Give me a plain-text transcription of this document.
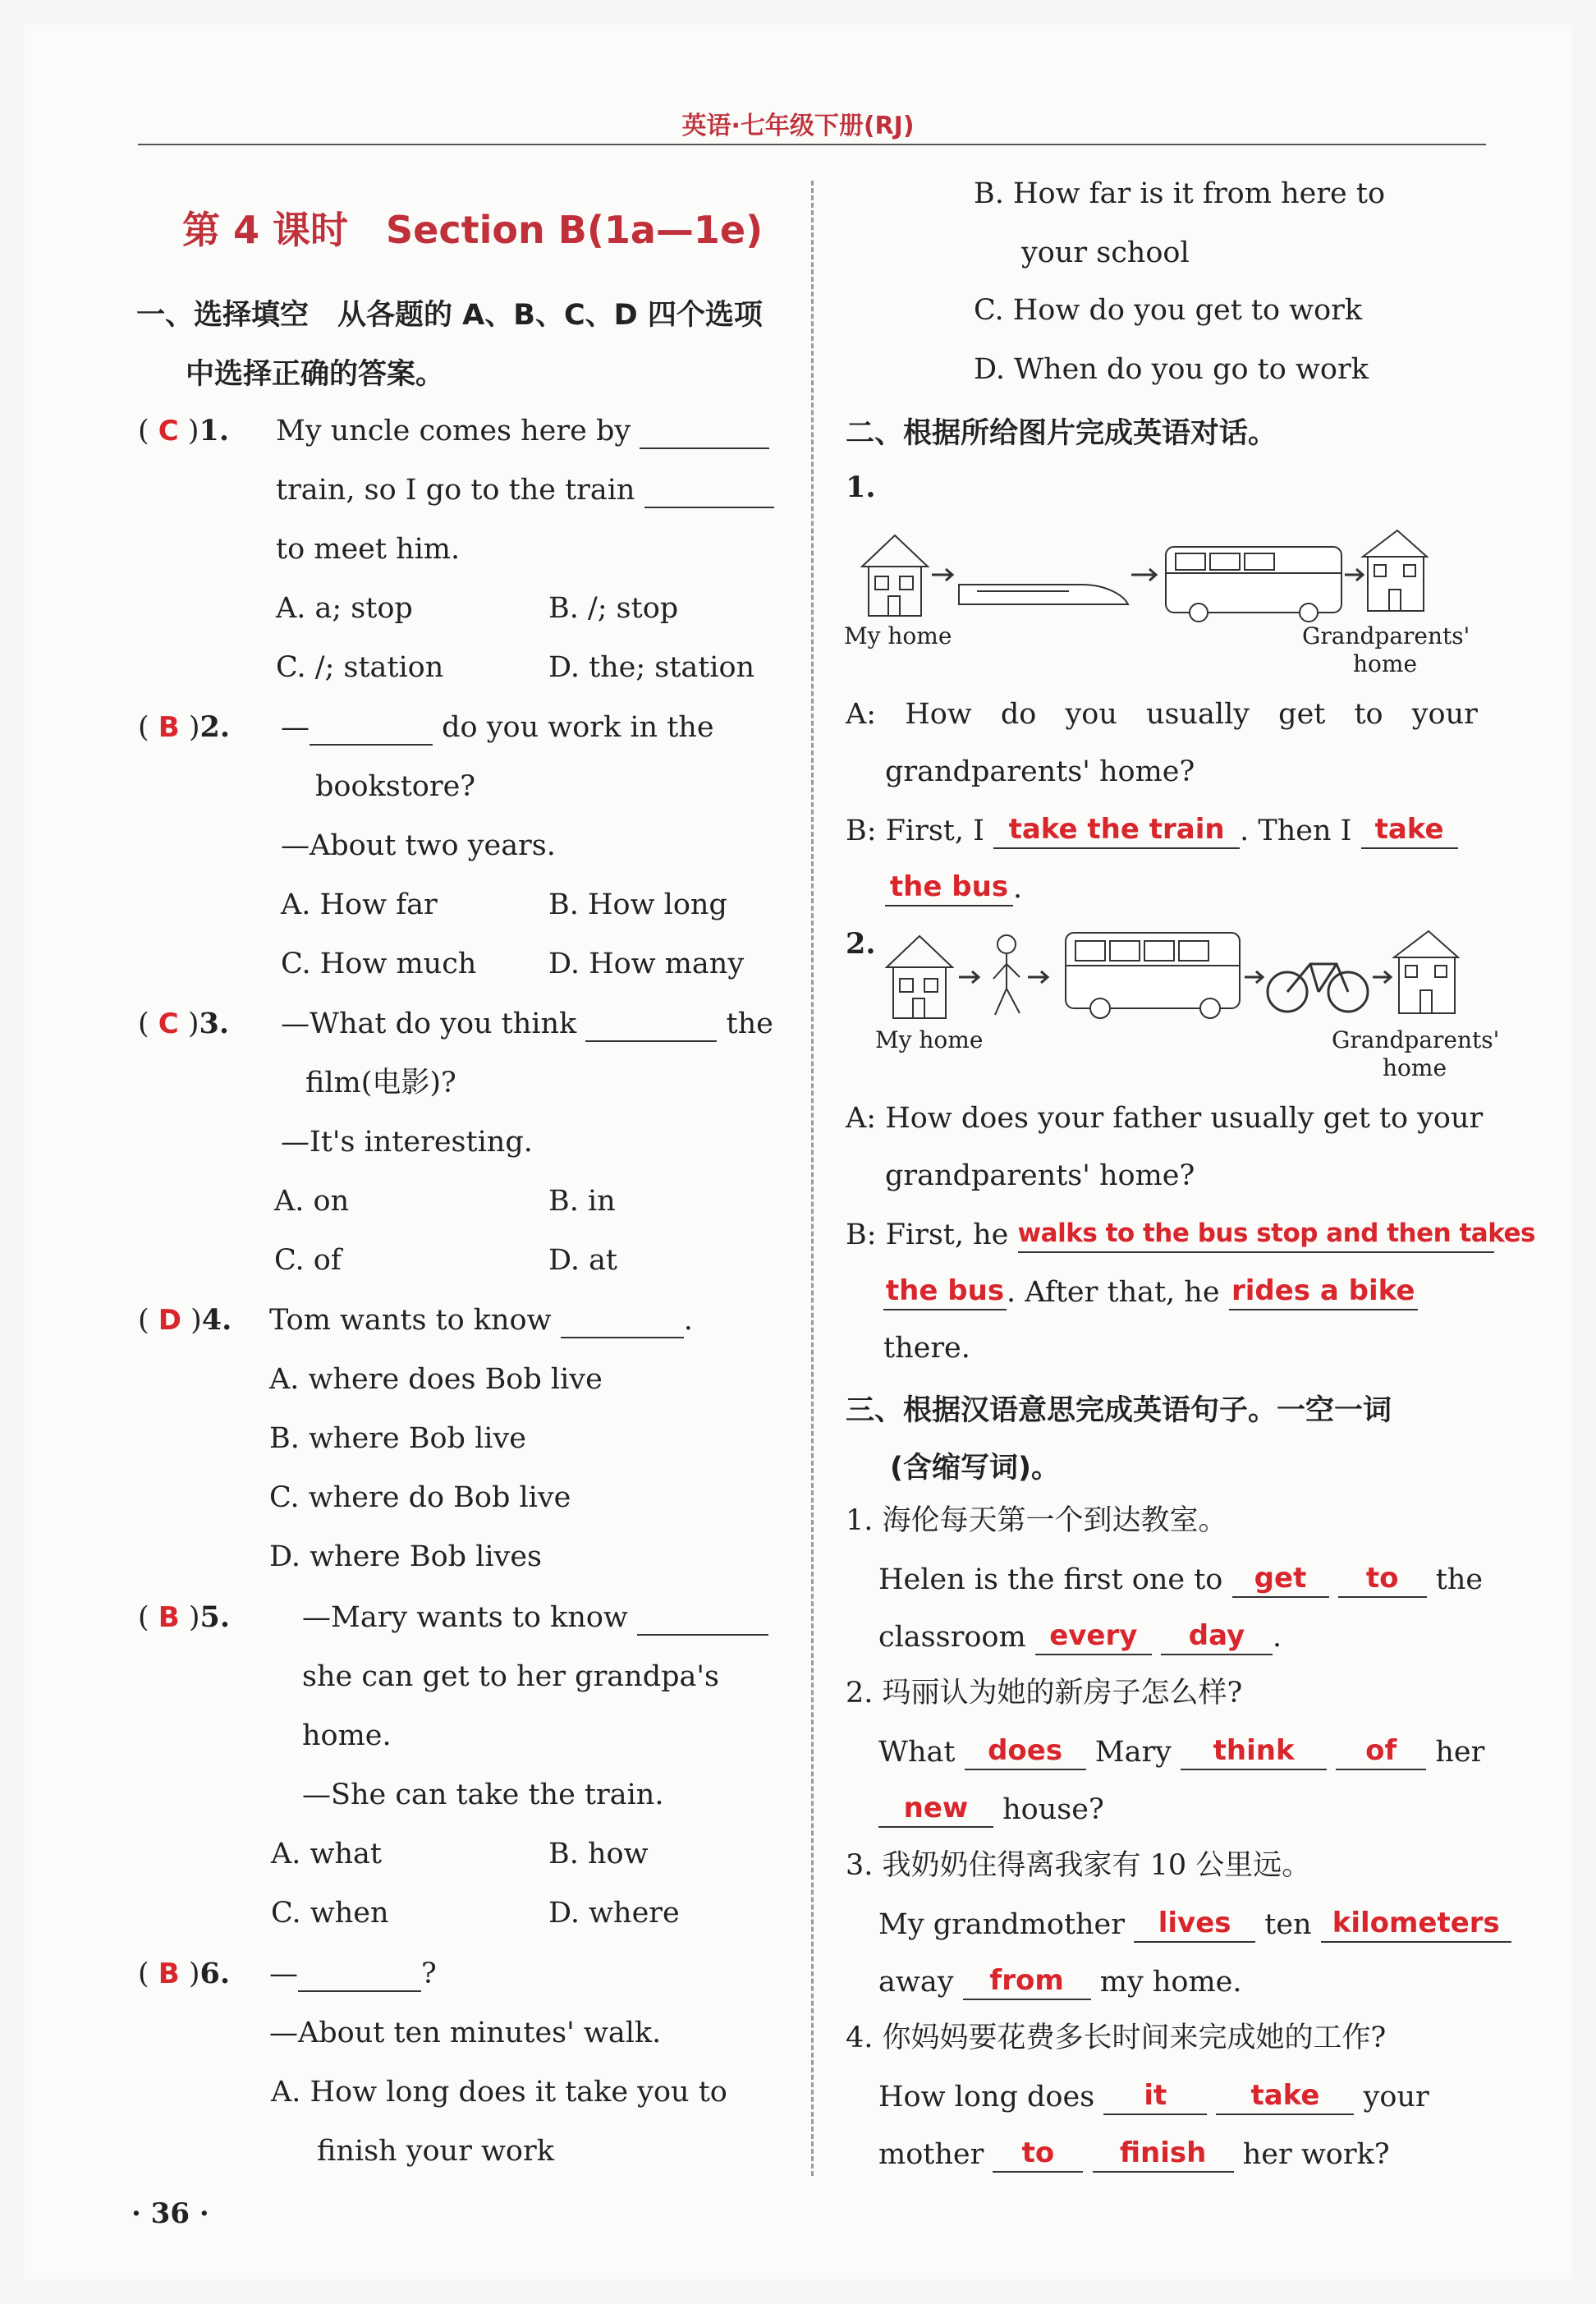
英语·七年级下册(RJ)
第 4 课时　Section B(1a—1e)
一、选择填空　从各题的 A、B、C、D 四个选项
中选择正确的答案。
( C )1. My uncle comes here by
train, so I go to the train
to meet him.
A. a; stop	B. /; stop
C. /; station	D. the; station
( B )2. —	do you work in the
bookstore?
—About two years.
A. How far	B. How long
C. How much	D. How many
( C )3. —What do you think	the
film(电影)?
—It's interesting.
A. on	B. in
C. of	D. at
( D )4. Tom wants to know	.
A. where does Bob live
B. where Bob live
C. where do Bob live
D. where Bob lives
( B )5.	—Mary wants to know
she can get to her grandpa's
home.
—She can take the train.
A. what	B. how
C. when	D. where
( B )6. —	?
—About ten minutes' walk.
A. How long does it take you to
finish your work
B. How far is it from here to
your school
C. How do you get to work
D. When do you go to work
二、根据所给图片完成英语对话。
1.
My home	Grandparents'
home
A: How do you usually get to your
grandparents' home?
B: First, I take the train . Then I take
the bus .
2.
My home	Grandparents'
home
A: How does your father usually get to your
grandparents' home?
B: First, he walks to the bus stop and then takes
the bus. After that, he rides a bike
there.
三、根据汉语意思完成英语句子。一空一词
(含缩写词)。
1. 海伦每天第一个到达教室。
Helen is the first one to get to the
classroom every day .
2. 玛丽认为她的新房子怎么样?
What does Mary think	of her
new house?
3. 我奶奶住得离我家有 10 公里远。
My grandmother lives ten kilometers
away from my home.
4. 你妈妈要花费多长时间来完成她的工作?
How long does it	take your
mother to finish her work?
· 36 ·
